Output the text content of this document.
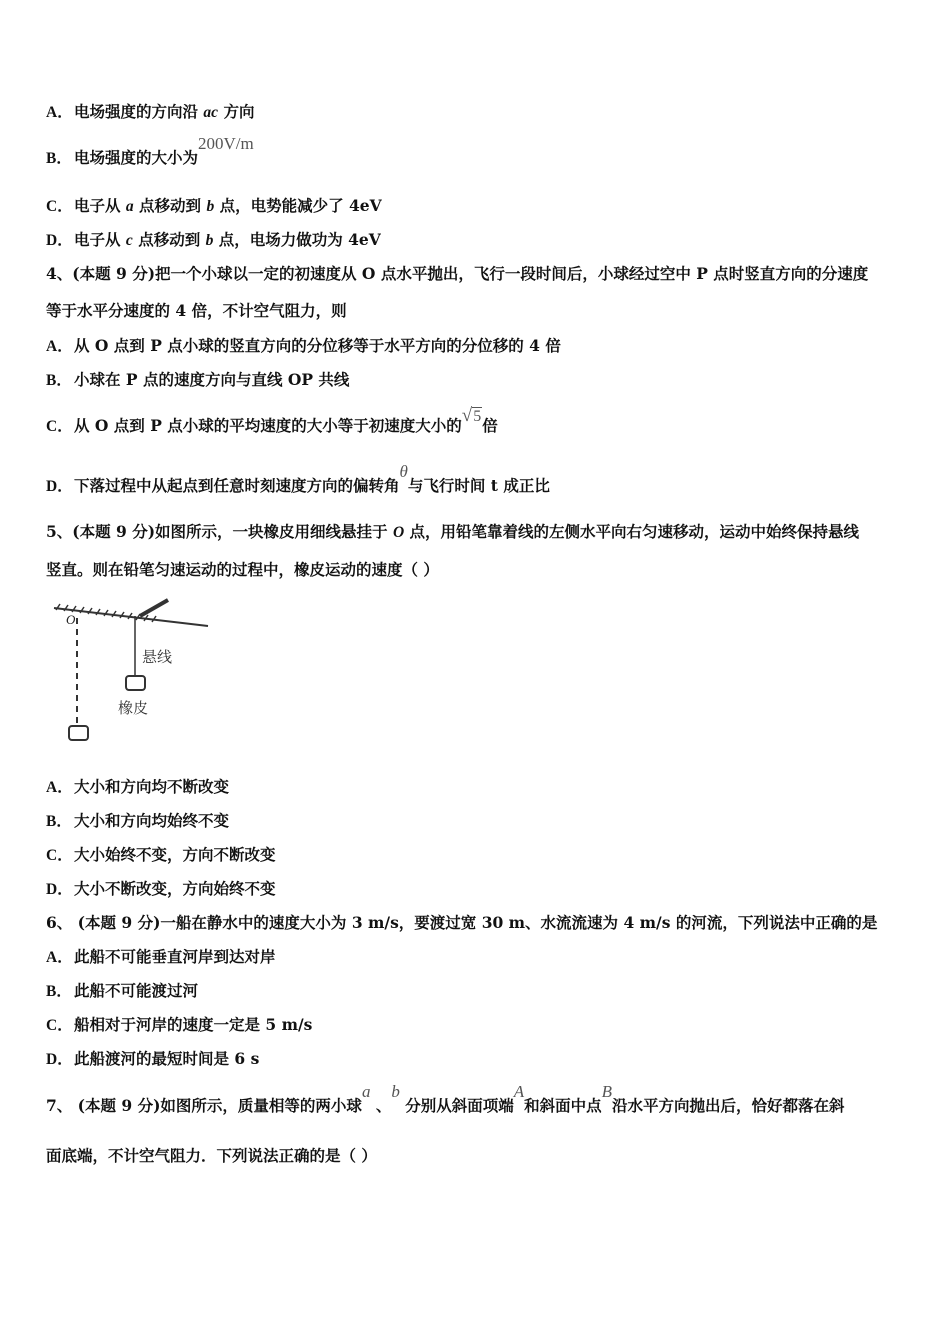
A．电场强度的方向沿 ac 方向
B． 电场强度的大小为200V/m
C．电子从 a 点移动到 b 点，电势能减少了 4eV
D．电子从 c 点移动到 b 点，电场力做功为 4eV
4、(本题 9 分)把一个小球以一定的初速度从 O 点水平抛出，飞行一段时间后，小球经过空中 P 点时竖直方向的分速度
等于水平分速度的 4 倍，不计空气阻力，则
A．从 O 点到 P 点小球的竖直方向的分位移等于水平方向的分位移的 4 倍
B． 小球在 P 点的速度方向与直线 OP 共线
C．从 O 点到 P 点小球的平均速度的大小等于初速度大小的√5倍
D．下落过程中从起点到任意时刻速度方向的偏转角θ与飞行时间 t 成正比
5、(本题 9 分)如图所示，一块橡皮用细线悬挂于 O 点，用铅笔靠着线的左侧水平向右匀速移动，运动中始终保持悬线
竖直。则在铅笔匀速运动的过程中，橡皮运动的速度（ ）
O
悬线
橡皮
A．大小和方向均不断改变
B． 大小和方向均始终不变
C．大小始终不变，方向不断改变
D．大小不断改变，方向始终不变
6、 (本题 9 分)一船在静水中的速度大小为 3 m/s，要渡过宽 30 m、水流流速为 4 m/s 的河流，下列说法中正确的是
A．此船不可能垂直河岸到达对岸
B． 此船不可能渡过河
C．船相对于河岸的速度一定是 5 m/s
D．此船渡河的最短时间是 6 s
7、 (本题 9 分)如图所示，质量相等的两小球a 、b 分别从斜面项端A和斜面中点B沿水平方向抛出后，恰好都落在斜
面底端，不计空气阻力．下列说法正确的是（ ）
